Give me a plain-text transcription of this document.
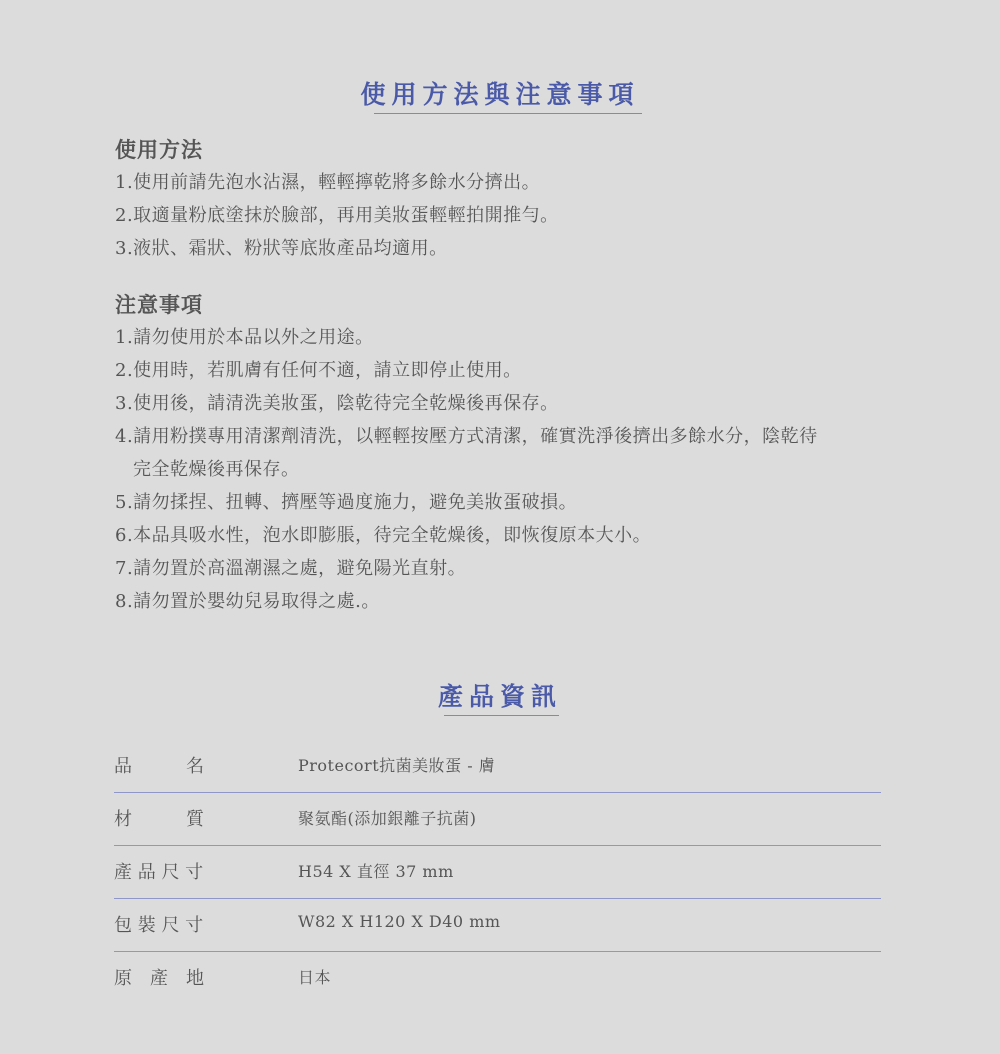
使用方法與注意事項
使用方法
1.使用前請先泡水沾濕，輕輕擰乾將多餘水分擠出。
2.取適量粉底塗抹於臉部，再用美妝蛋輕輕拍開推勻。
3.液狀、霜狀、粉狀等底妝產品均適用。
注意事項
1.請勿使用於本品以外之用途。
2.使用時，若肌膚有任何不適，請立即停止使用。
3.使用後，請清洗美妝蛋，陰乾待完全乾燥後再保存。
4.請用粉撲專用清潔劑清洗，以輕輕按壓方式清潔，確實洗淨後擠出多餘水分，陰乾待
完全乾燥後再保存。
5.請勿揉捏、扭轉、擠壓等過度施力，避免美妝蛋破損。
6.本品具吸水性，泡水即膨脹，待完全乾燥後，即恢復原本大小。
7.請勿置於高溫潮濕之處，避免陽光直射。
8.請勿置於嬰幼兒易取得之處.。
產品資訊
品　　　名	Protecort抗菌美妝蛋 - 膚
材　　　質	聚氨酯(添加銀離子抗菌)
產 品 尺 寸	H54 X 直徑 37 mm
包 裝 尺 寸	W82 X H120 X D40 mm
原　產　地	日本
